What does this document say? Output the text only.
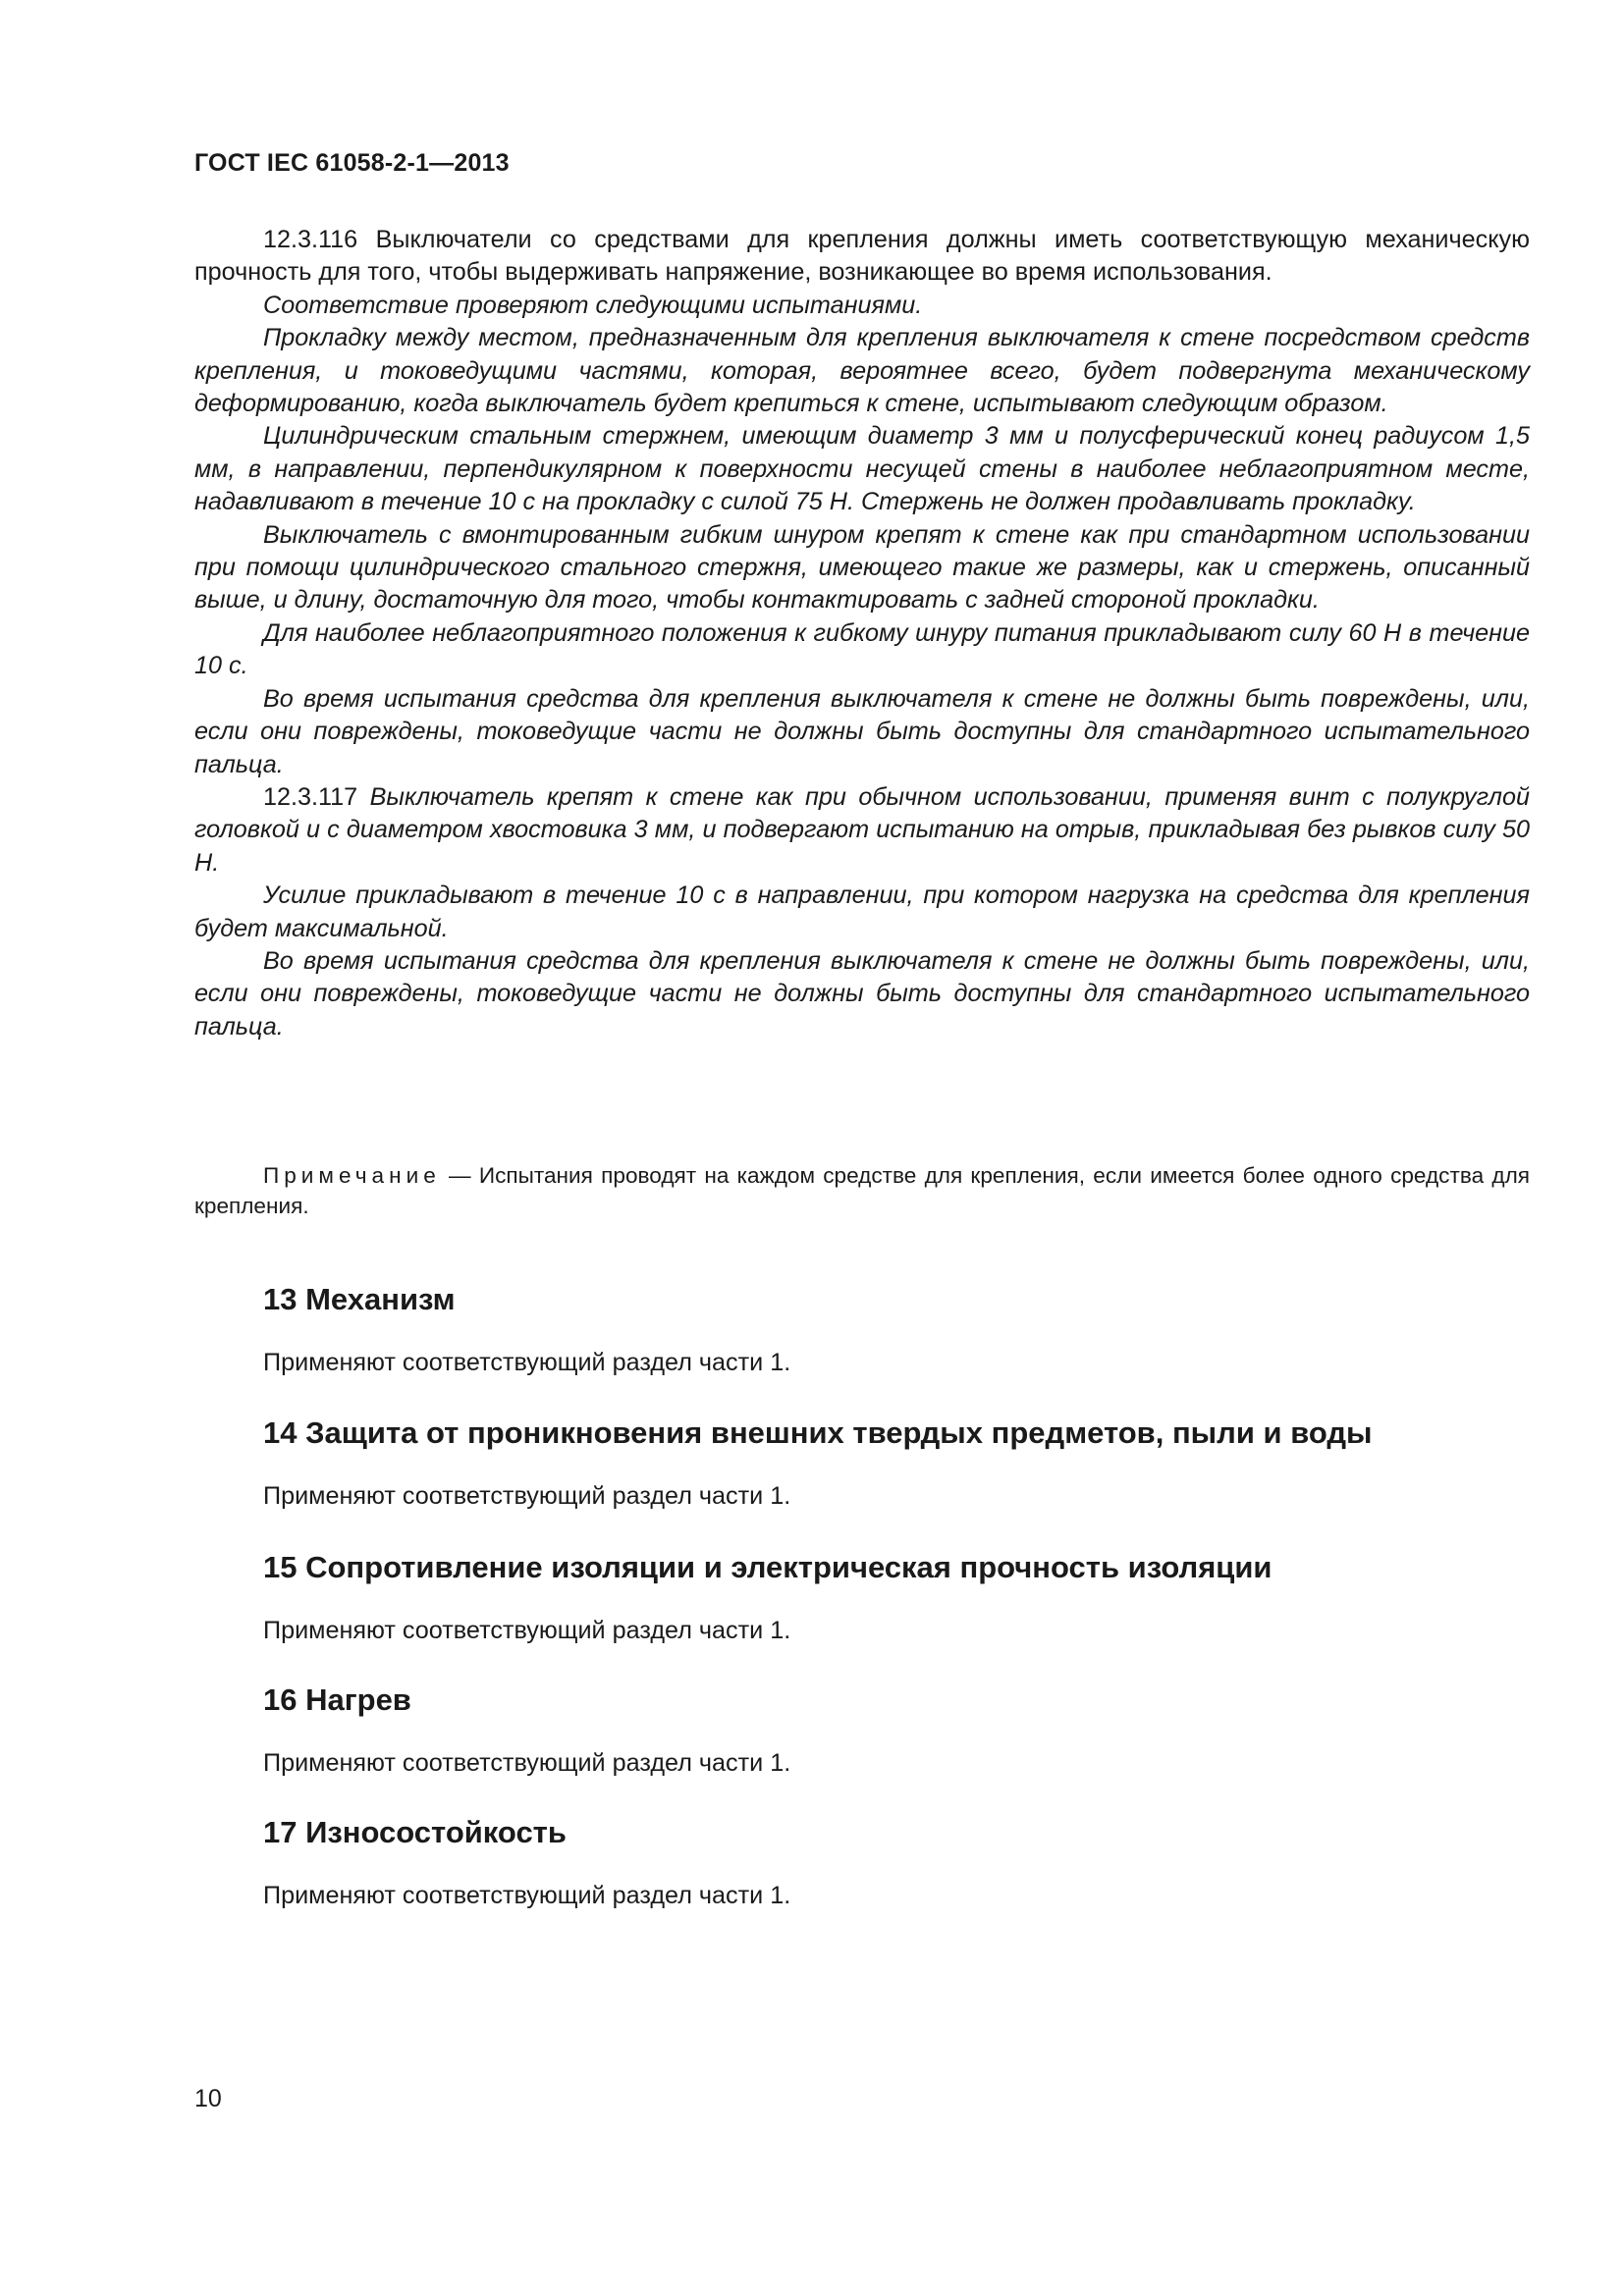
ГОСТ IEC 61058-2-1—2013

12.3.116 Выключатели со средствами для крепления должны иметь соответствующую механическую прочность для того, чтобы выдерживать напряжение, возникающее во время использования.

Соответствие проверяют следующими испытаниями.

Прокладку между местом, предназначенным для крепления выключателя к стене посредством средств крепления, и токоведущими частями, которая, вероятнее всего, будет подвергнута механическому деформированию, когда выключатель будет крепиться к стене, испытывают следующим образом.

Цилиндрическим стальным стержнем, имеющим диаметр 3 мм и полусферический конец радиусом 1,5 мм, в направлении, перпендикулярном к поверхности несущей стены в наиболее неблагоприятном месте, надавливают в течение 10 с на прокладку с силой 75 Н. Стержень не должен продавливать прокладку.

Выключатель с вмонтированным гибким шнуром крепят к стене как при стандартном использовании при помощи цилиндрического стального стержня, имеющего такие же размеры, как и стержень, описанный выше, и длину, достаточную для того, чтобы контактировать с задней стороной прокладки.

Для наиболее неблагоприятного положения к гибкому шнуру питания прикладывают силу 60 Н в течение 10 с.

Во время испытания средства для крепления выключателя к стене не должны быть повреждены, или, если они повреждены, токоведущие части не должны быть доступны для стандартного испытательного пальца.

12.3.117 Выключатель крепят к стене как при обычном использовании, применяя винт с полукруглой головкой и с диаметром хвостовика 3 мм, и подвергают испытанию на отрыв, прикладывая без рывков силу 50 Н.

Усилие прикладывают в течение 10 с в направлении, при котором нагрузка на средства для крепления будет максимальной.

Во время испытания средства для крепления выключателя к стене не должны быть повреждены, или, если они повреждены, токоведущие части не должны быть доступны для стандартного испытательного пальца.

Примечание — Испытания проводят на каждом средстве для крепления, если имеется более одного средства для крепления.

13 Механизм

Применяют соответствующий раздел части 1.

14 Защита от проникновения внешних твердых предметов, пыли и воды

Применяют соответствующий раздел части 1.

15 Сопротивление изоляции и электрическая прочность изоляции

Применяют соответствующий раздел части 1.

16 Нагрев

Применяют соответствующий раздел части 1.

17 Износостойкость

Применяют соответствующий раздел части 1.

10
